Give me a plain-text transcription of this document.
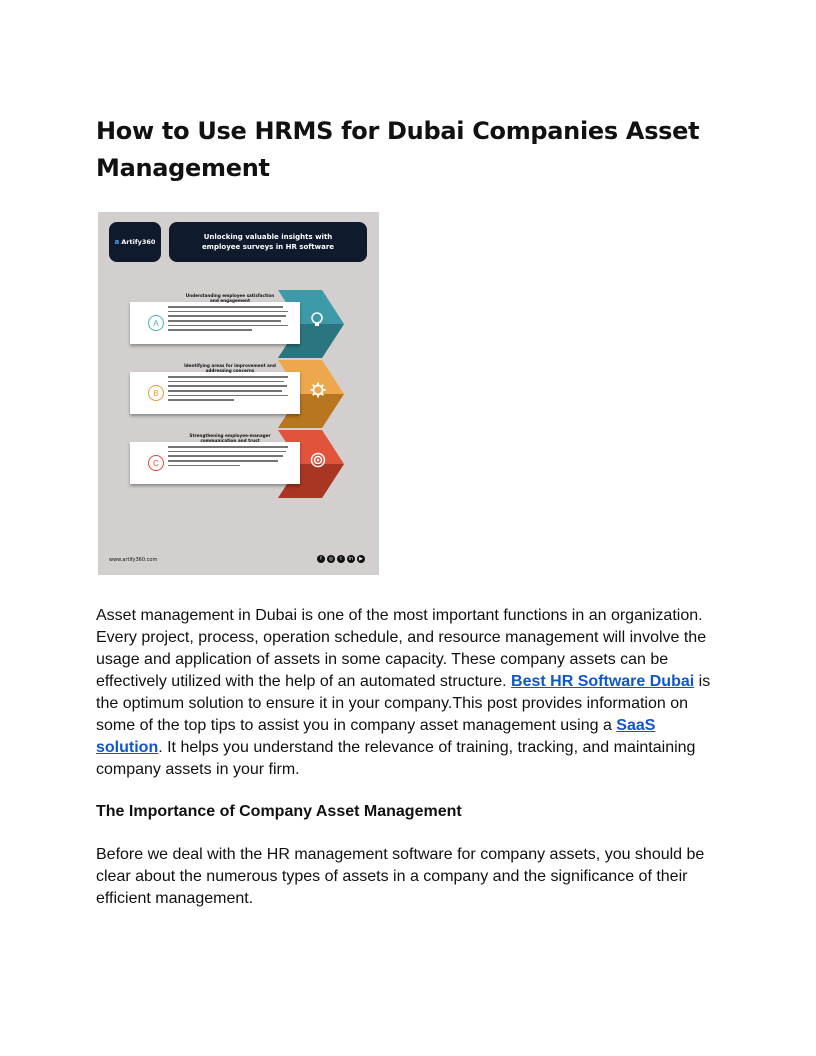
How to Use HRMS for Dubai Companies Asset Management
a Artify360
Unlocking valuable insights with
employee surveys in HR software
Understanding employee satisfaction
and engagement
A
Identifying areas for improvement and
addressing concerns
B
Strengthening employee-manager
communication and trust
C
www.artify360.com	f	◎	t	in	▶

Asset management in Dubai is one of the most important functions in an organization. Every project, process, operation schedule, and resource management will involve the usage and application of assets in some capacity. These company assets can be effectively utilized with the help of an automated structure. Best HR Software Dubai is the optimum solution to ensure it in your company.This post provides information on some of the top tips to assist you in company asset management using a SaaS solution. It helps you understand the relevance of training, tracking, and maintaining company assets in your firm.

The Importance of Company Asset Management

Before we deal with the HR management software for company assets, you should be clear about the numerous types of assets in a company and the significance of their efficient management.
